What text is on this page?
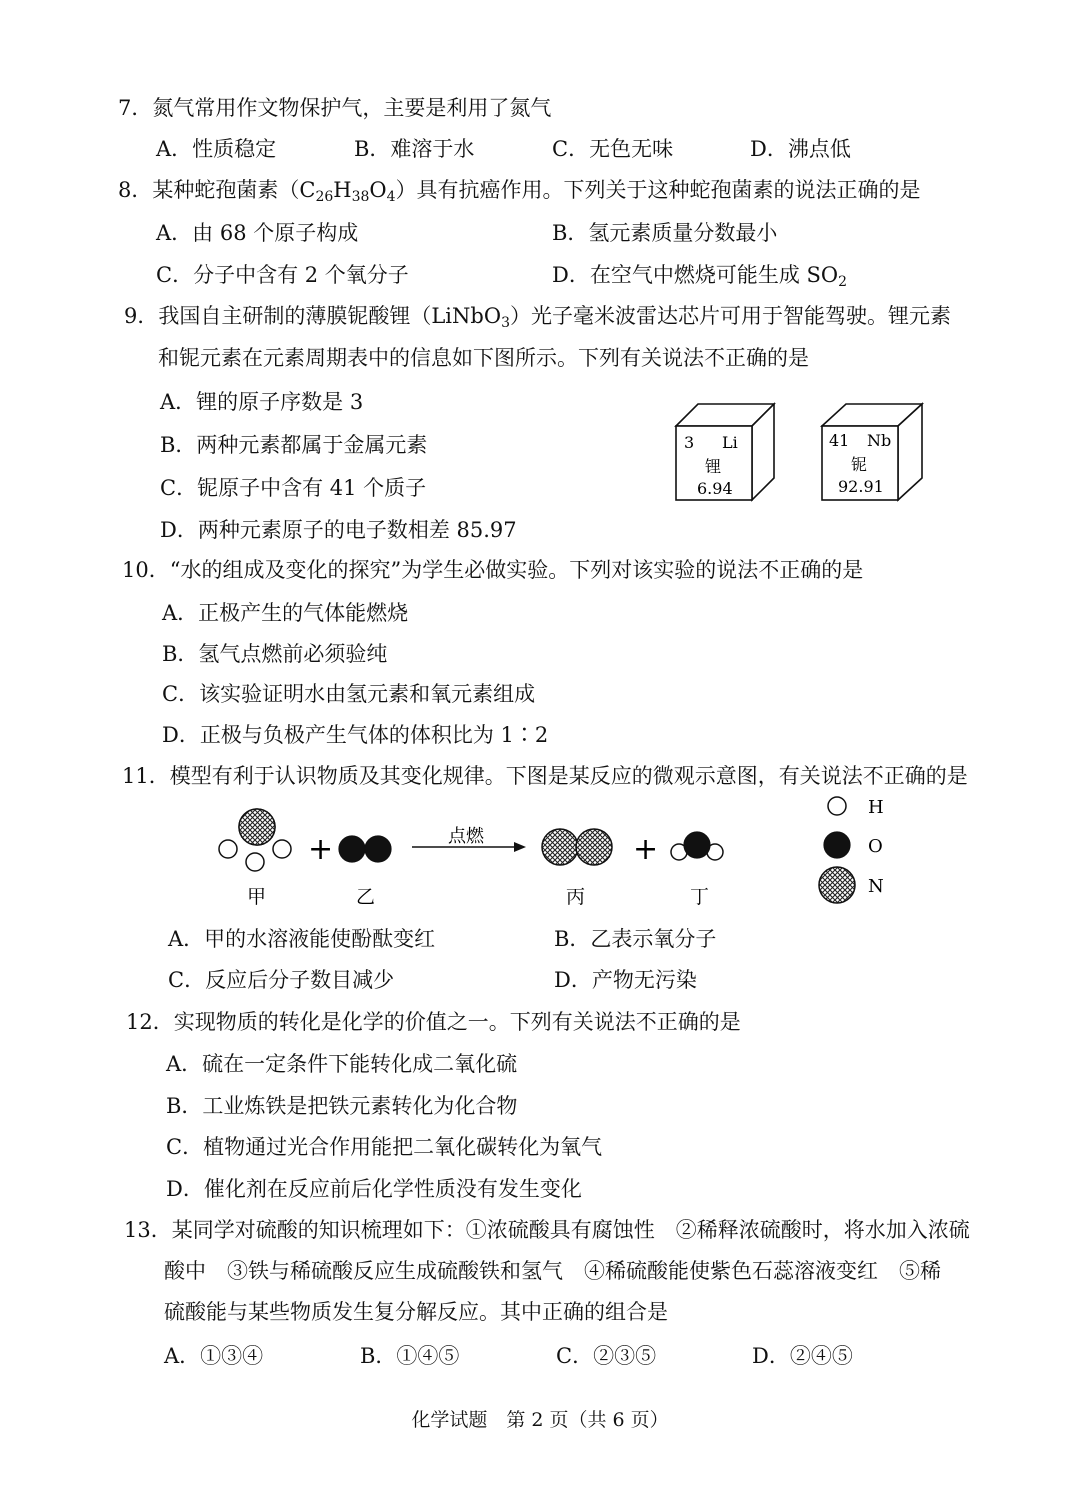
7．氮气常用作文物保护气，主要是利用了氮气
A．性质稳定	B．难溶于水	C．无色无味	D．沸点低
8．某种蛇孢菌素$(C_{26}H_{38}O_4)$具有抗癌作用。下列关于这种蛇孢菌素的说法正确的是
A．由 68 个原子构成	B．氢元素质量分数最小
C．分子中含有 2 个氧分子	D．在空气中燃烧可能生成 $SO_2$
9．我国自主研制的薄膜铌酸锂（LiNbO$_3$）光子毫米波雷达芯片可用于智能驾驶。锂元素
和铌元素在元素周期表中的信息如下图所示。下列有关说法不正确的是
A．锂的原子序数是 3
B．两种元素都属于金属元素
C．铌原子中含有 41 个质子
D．两种元素原子的电子数相差 85.97
3 Li
锂
6.94
41 Nb
铌
92.91
10．“水的组成及变化的探究”为学生必做实验。下列对该实验的说法不正确的是
A．正极产生的气体能燃烧
B．氢气点燃前必须验纯
C．该实验证明水由氢元素和氧元素组成
D．正极与负极产生气体的体积比为 1∶2
11．模型有利于认识物质及其变化规律。下图是某反应的微观示意图，有关说法不正确的是
+	点燃	+
甲	乙	丙	丁
H
O
N
A．甲的水溶液能使酚酞变红	B．乙表示氧分子
C．反应后分子数目减少	D．产物无污染
12．实现物质的转化是化学的价值之一。下列有关说法不正确的是
A．硫在一定条件下能转化成二氧化硫
B．工业炼铁是把铁元素转化为化合物
C．植物通过光合作用能把二氧化碳转化为氧气
D．催化剂在反应前后化学性质没有发生变化
13．某同学对硫酸的知识梳理如下：①浓硫酸具有腐蚀性　②稀释浓硫酸时，将水加入浓硫
酸中　③铁与稀硫酸反应生成硫酸铁和氢气　④稀硫酸能使紫色石蕊溶液变红　⑤稀
硫酸能与某些物质发生复分解反应。其中正确的组合是
A．①③④	B．①④⑤	C．②③⑤	D．②④⑤
化学试题　第 2 页（共 6 页）
